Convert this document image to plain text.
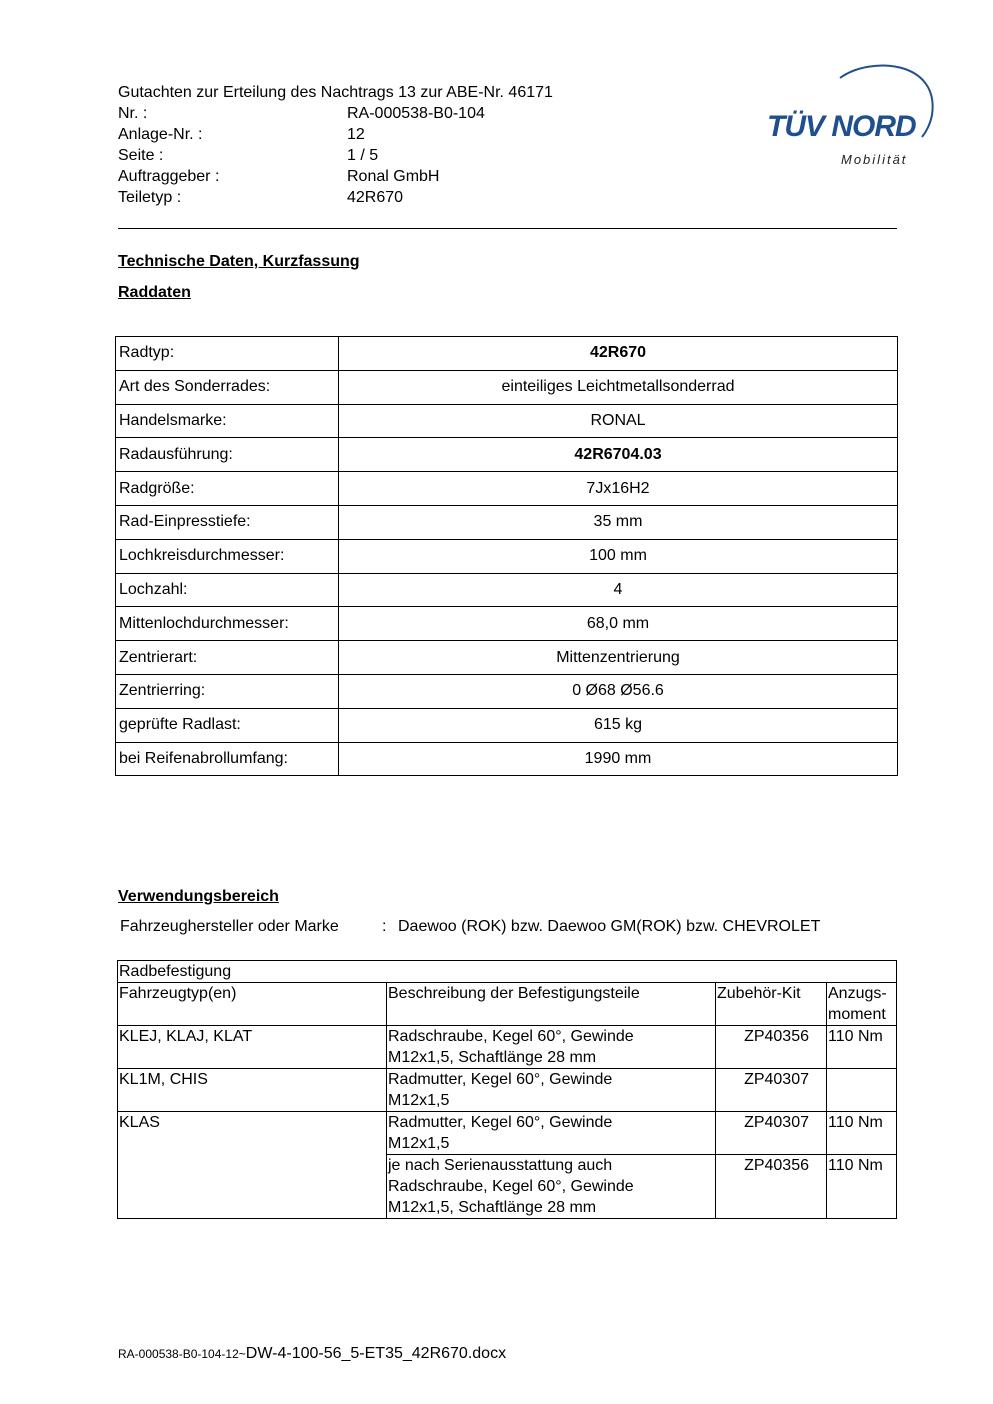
Gutachten zur Erteilung des Nachtrags 13 zur ABE-Nr. 46171
Nr. :	RA-000538-B0-104
Anlage-Nr. :	12
Seite :	1 / 5
Auftraggeber :	Ronal GmbH
Teiletyp :	42R670
TÜV NORD
Mobilität
Technische Daten, Kurzfassung
Raddaten
Radtyp:	42R670
Art des Sonderrades:	einteiliges Leichtmetallsonderrad
Handelsmarke:	RONAL
Radausführung:	42R6704.03
Radgröße:	7Jx16H2
Rad-Einpresstiefe:	35 mm
Lochkreisdurchmesser:	100 mm
Lochzahl:	4
Mittenlochdurchmesser:	68,0 mm
Zentrierart:	Mittenzentrierung
Zentrierring:	0 Ø68 Ø56.6
geprüfte Radlast:	615 kg
bei Reifenabrollumfang:	1990 mm
Verwendungsbereich
Fahrzeughersteller oder Marke	: Daewoo (ROK) bzw. Daewoo GM(ROK) bzw. CHEVROLET
Radbefestigung			
Fahrzeugtyp(en)	Beschreibung der Befestigungsteile	Zubehör-Kit	Anzugs-
moment

KLEJ, KLAJ, KLAT	Radschraube, Kegel 60°, Gewinde
M12x1,5, Schaftlänge 28 mm	ZP40356	110 Nm
KL1M, CHIS	Radmutter, Kegel 60°, Gewinde
M12x1,5	ZP40307	
KLAS	Radmutter, Kegel 60°, Gewinde
M12x1,5	ZP40307	110 Nm

	je nach Serienausstattung auch
Radschraube, Kegel 60°, Gewinde
M12x1,5, Schaftlänge 28 mm	ZP40356	110 Nm
RA-000538-B0-104-12~DW-4-100-56_5-ET35_42R670.docx
